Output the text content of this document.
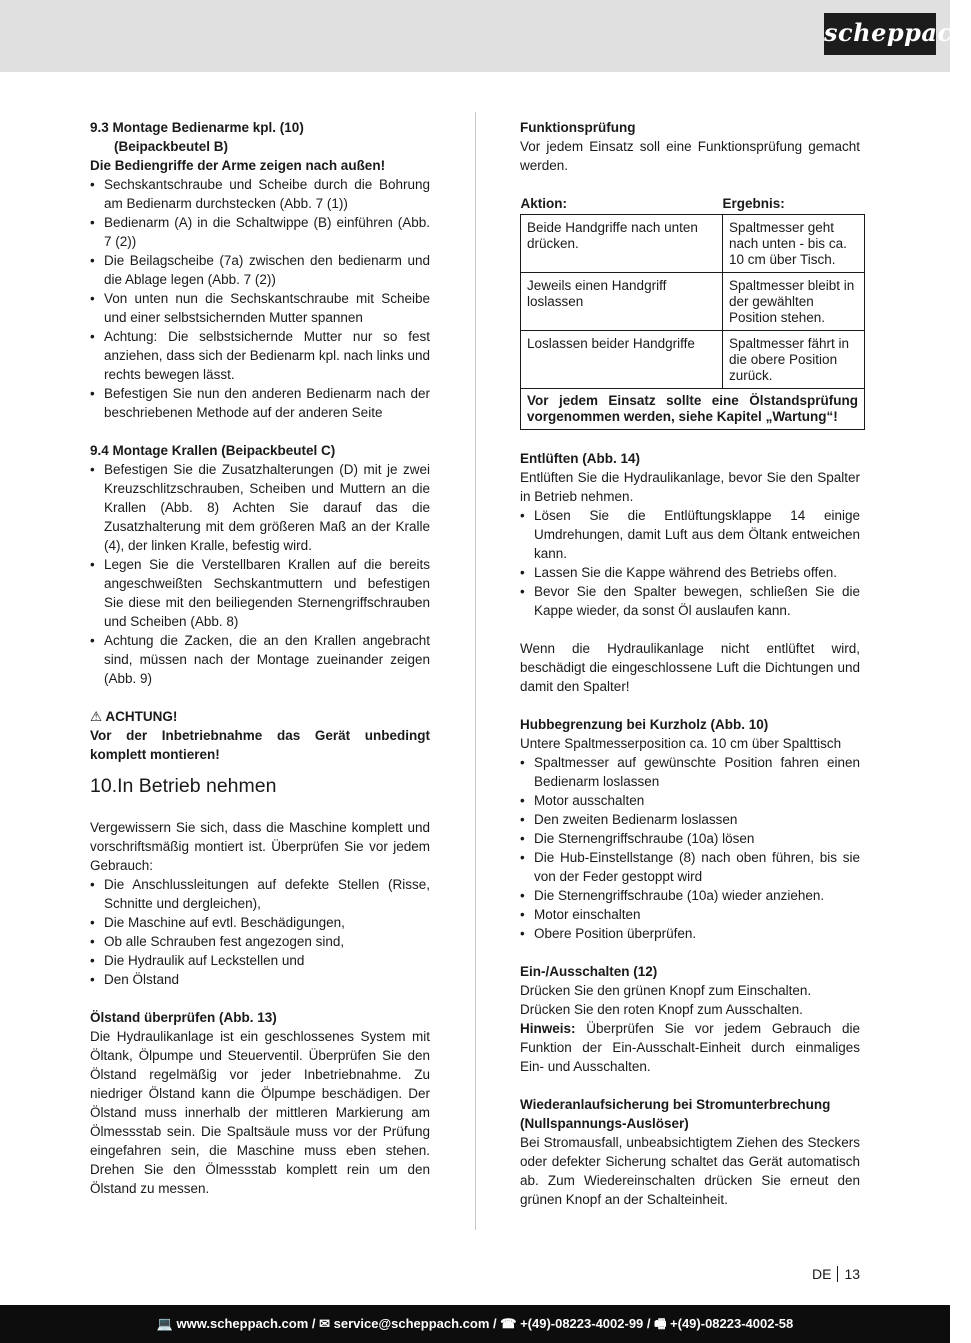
scheppach

9.3 Montage Bedienarme kpl. (10)

(Beipackbeutel B)

Die Bediengriffe der Arme zeigen nach außen!

• Sechskantschraube und Scheibe durch die Bohrung am Bedienarm durchstecken (Abb. 7 (1))
• Bedienarm (A) in die Schaltwippe (B) einführen (Abb. 7 (2))
• Die Beilagscheibe (7a) zwischen den bedienarm und die Ablage legen (Abb. 7 (2))
• Von unten nun die Sechskantschraube mit Scheibe und einer selbstsichernden Mutter spannen
• Achtung: Die selbstsichernde Mutter nur so fest anziehen, dass sich der Bedienarm kpl. nach links und rechts bewegen lässt.
• Befestigen Sie nun den anderen Bedienarm nach der beschriebenen Methode auf der anderen Seite

9.4 Montage Krallen (Beipackbeutel C)

• Befestigen Sie die Zusatzhalterungen (D) mit je zwei Kreuzschlitzschrauben, Scheiben und Muttern an die Krallen (Abb. 8) Achten Sie darauf das die Zusatzhalterung mit dem größeren Maß an der Kralle (4), der linken Kralle, befestig wird.
• Legen Sie die Verstellbaren Krallen auf die bereits angeschweißten Sechskantmuttern und befestigen Sie diese mit den beiliegenden Sternengriffschrauben und Scheiben (Abb. 8)
• Achtung die Zacken, die an den Krallen angebracht sind, müssen nach der Montage zueinander zeigen (Abb. 9)

⚠ ACHTUNG!

Vor der Inbetriebnahme das Gerät unbedingt komplett montieren!

10.In Betrieb nehmen

Vergewissern Sie sich, dass die Maschine komplett und vorschriftsmäßig montiert ist. Überprüfen Sie vor jedem Gebrauch:

• Die Anschlussleitungen auf defekte Stellen (Risse, Schnitte und dergleichen),
• Die Maschine auf evtl. Beschädigungen,
• Ob alle Schrauben fest angezogen sind,
• Die Hydraulik auf Leckstellen und
• Den Ölstand

Ölstand überprüfen (Abb. 13)

Die Hydraulikanlage ist ein geschlossenes System mit Öltank, Ölpumpe und Steuerventil. Überprüfen Sie den Ölstand regelmäßig vor jeder Inbetriebnahme. Zu niedriger Ölstand kann die Ölpumpe beschädigen. Der Ölstand muss innerhalb der mittleren Markierung am Ölmessstab sein. Die Spaltsäule muss vor der Prüfung eingefahren sein, die Maschine muss eben stehen. Drehen Sie den Ölmessstab komplett rein um den Ölstand zu messen.

Funktionsprüfung

Vor jedem Einsatz soll eine Funktionsprüfung gemacht werden.

Aktion:	Ergebnis:
Beide Handgriffe nach unten drücken.	Spaltmesser geht nach unten - bis ca. 10 cm über Tisch.
Jeweils einen Handgriff loslassen	Spaltmesser bleibt in der gewählten Position stehen.
Loslassen beider Handgriffe	Spaltmesser fährt in die obere Position zurück.
Vor jedem Einsatz sollte eine Ölstandsprüfung vorgenommen werden, siehe Kapitel „Wartung“!	

Entlüften (Abb. 14)

Entlüften Sie die Hydraulikanlage, bevor Sie den Spalter in Betrieb nehmen.

• Lösen Sie die Entlüftungsklappe 14 einige Umdrehungen, damit Luft aus dem Öltank entweichen kann.
• Lassen Sie die Kappe während des Betriebs offen.
• Bevor Sie den Spalter bewegen, schließen Sie die Kappe wieder, da sonst Öl auslaufen kann.

Wenn die Hydraulikanlage nicht entlüftet wird, beschädigt die eingeschlossene Luft die Dichtungen und damit den Spalter!

Hubbegrenzung bei Kurzholz (Abb. 10)

Untere Spaltmesserposition ca. 10 cm über Spalttisch

• Spaltmesser auf gewünschte Position fahren einen Bedienarm loslassen
• Motor ausschalten
• Den zweiten Bedienarm loslassen
• Die Sternengriffschraube (10a) lösen
• Die Hub-Einstellstange (8) nach oben führen, bis sie von der Feder gestoppt wird
• Die Sternengriffschraube (10a) wieder anziehen.
• Motor einschalten
• Obere Position überprüfen.

Ein-/Ausschalten (12)

Drücken Sie den grünen Knopf zum Einschalten.

Drücken Sie den roten Knopf zum Ausschalten.

Hinweis: Überprüfen Sie vor jedem Gebrauch die Funktion der Ein-Ausschalt-Einheit durch einmaliges Ein- und Ausschalten.

Wiederanlaufsicherung bei Stromunterbrechung

(Nullspannungs-Auslöser)

Bei Stromausfall, unbeabsichtigtem Ziehen des Steckers oder defekter Sicherung schaltet das Gerät automatisch ab. Zum Wiedereinschalten drücken Sie erneut den grünen Knopf an der Schalteinheit.

DE 13
💻 www.scheppach.com / ✉ service@scheppach.com / ☎ +(49)-08223-4002-99 / 🖷 +(49)-08223-4002-58
